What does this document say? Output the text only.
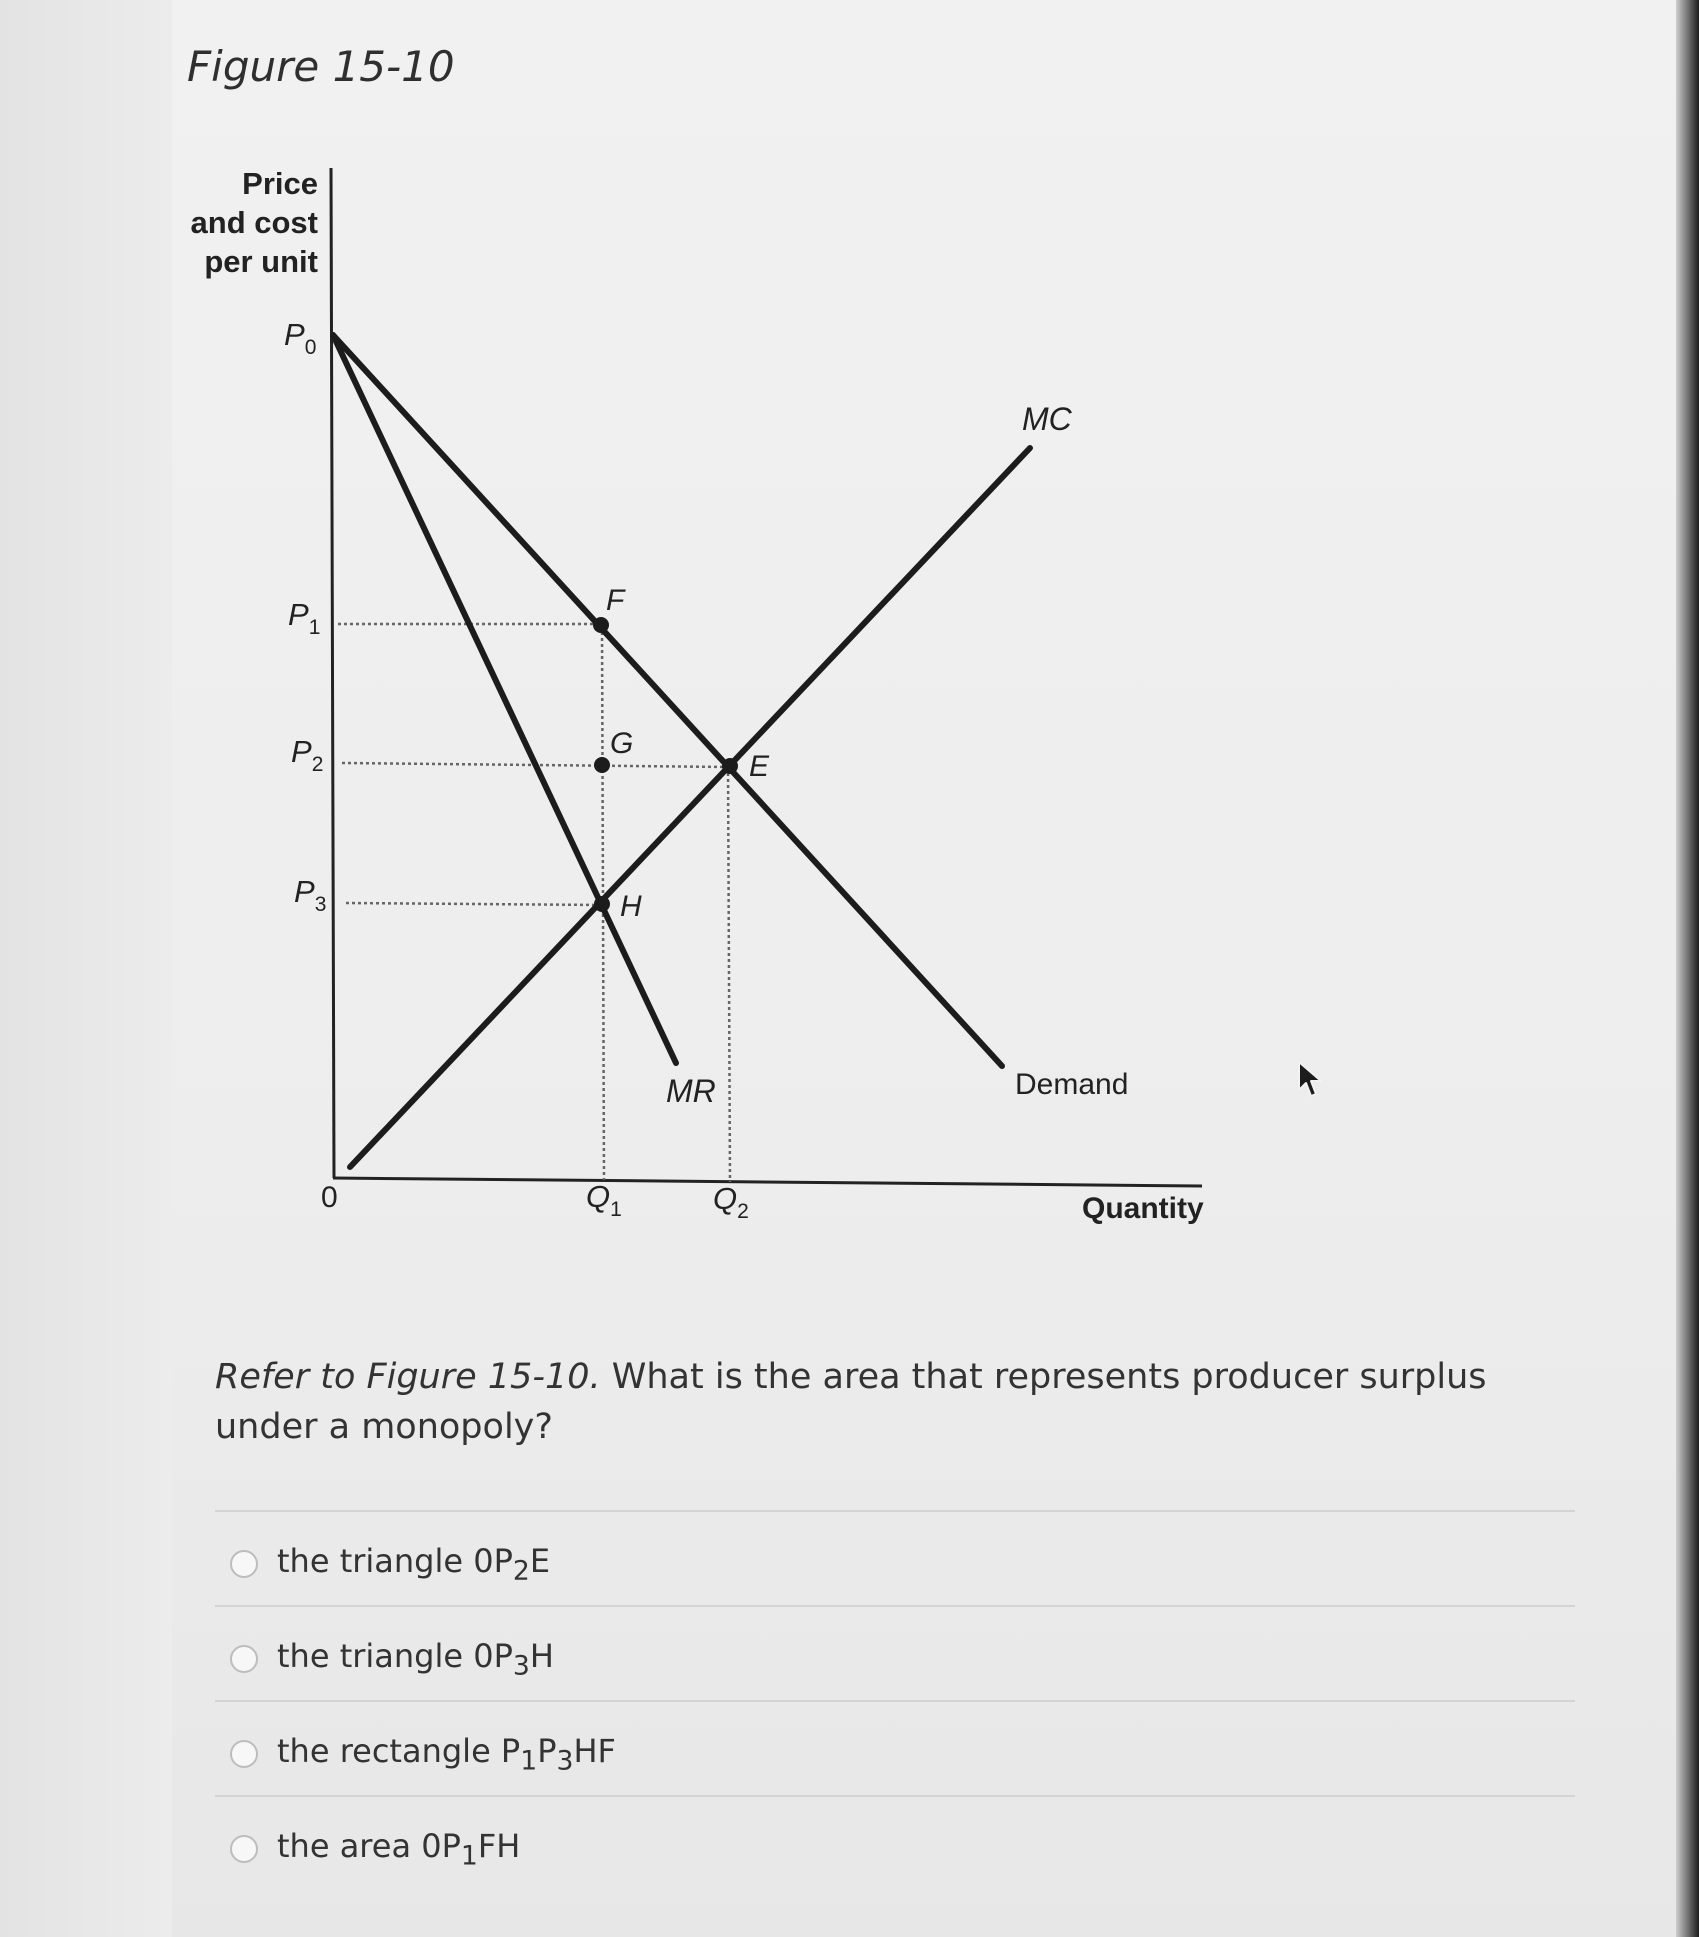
Figure 15-10
Price
and cost
per unit
$P_0$
$P_1$
$P_2$
$P_3$
0	$Q_1$	$Q_2$	Quantity
F
G
E
H
MC
MR	Demand
Refer to Figure 15-10. What is the area that represents producer surplus under a monopoly?
the triangle $0P_2E$
the triangle $0P_3H$
the rectangle $P_1P_3HF$
the area $0P_1FH$
